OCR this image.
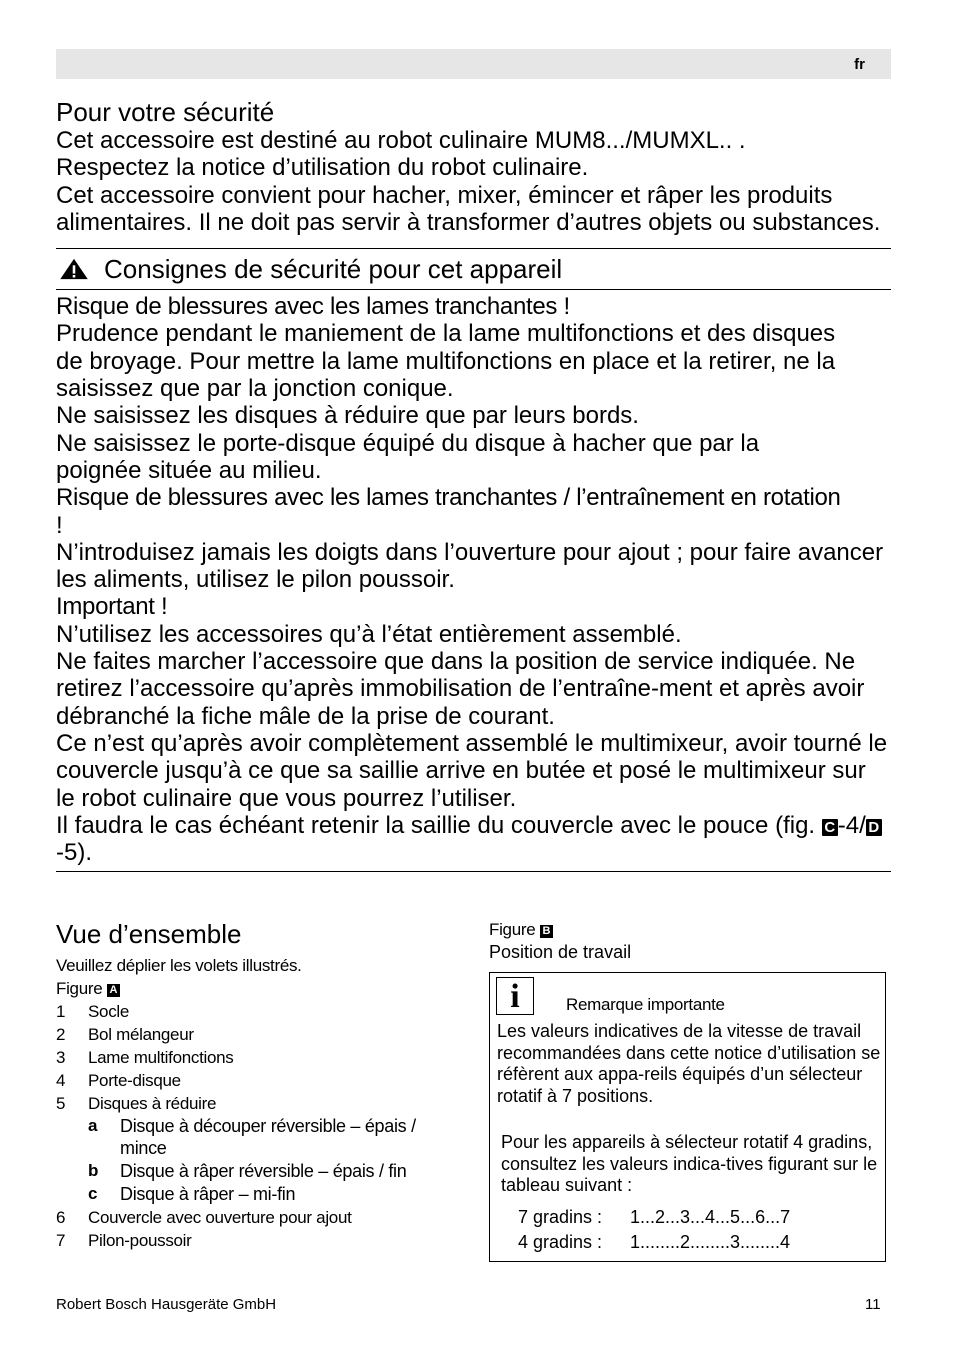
fr
Pour votre sécurité

Cet accessoire est destiné au robot culinaire MUM8.../MUMXL.. .

Respectez la notice d’utilisation du robot culinaire.

Cet accessoire convient pour hacher, mixer, émincer et râper les produits alimentaires. Il ne doit pas servir à transformer d’autres objets ou substances.

Consignes de sécurité pour cet appareil
Risque de blessures avec les lames tranchantes !

Prudence pendant le maniement de la lame multifonctions et des disques de broyage. Pour mettre la lame multifonctions en place et la retirer, ne la saisissez que par la jonction conique.

Ne saisissez les disques à réduire que par leurs bords.

Ne saisissez le porte-disque équipé du disque à hacher que par la poignée située au milieu.

Risque de blessures avec les lames tranchantes / l’entraînement en rotation !

N’introduisez jamais les doigts dans l’ouverture pour ajout ; pour faire avancer les aliments, utilisez le pilon poussoir.

Important !

N’utilisez les accessoires qu’à l’état entièrement assemblé.

Ne faites marcher l’accessoire que dans la position de service indiquée. Ne retirez l’accessoire qu’après immobilisation de l’entraîne-ment et après avoir débranché la fiche mâle de la prise de courant.

Ce n’est qu’après avoir complètement assemblé le multimixeur, avoir tourné le couvercle jusqu’à ce que sa saillie arrive en butée et posé le multimixeur sur le robot culinaire que vous pourrez l’utiliser.

Il faudra le cas échéant retenir la saillie du couvercle avec le pouce (fig. C -4/ D-5).

Vue d’ensemble
Veuillez déplier les volets illustrés.
Figure A
1	Socle
2	Bol mélangeur
3	Lame multifonctions
4	Porte-disque
5	Disques à réduire
a	Disque à découper réversible – épais / mince
b	Disque à râper réversible – épais / fin
c	Disque à râper – mi-fin
6	Couvercle avec ouverture pour ajout
7	Pilon-poussoir
Figure B
Position de travail
i	Remarque importante
Les valeurs indicatives de la vitesse de travail recommandées dans cette notice d’utilisation se réfèrent aux appa-reils équipés d’un sélecteur rotatif à 7 positions.
Pour les appareils à sélecteur rotatif 4 gradins, consultez les valeurs indica-tives figurant sur le tableau suivant :
7 gradins :	1...2...3...4...5...6...7
4 gradins :	1........2........3........4
Robert Bosch Hausgeräte GmbH	11
